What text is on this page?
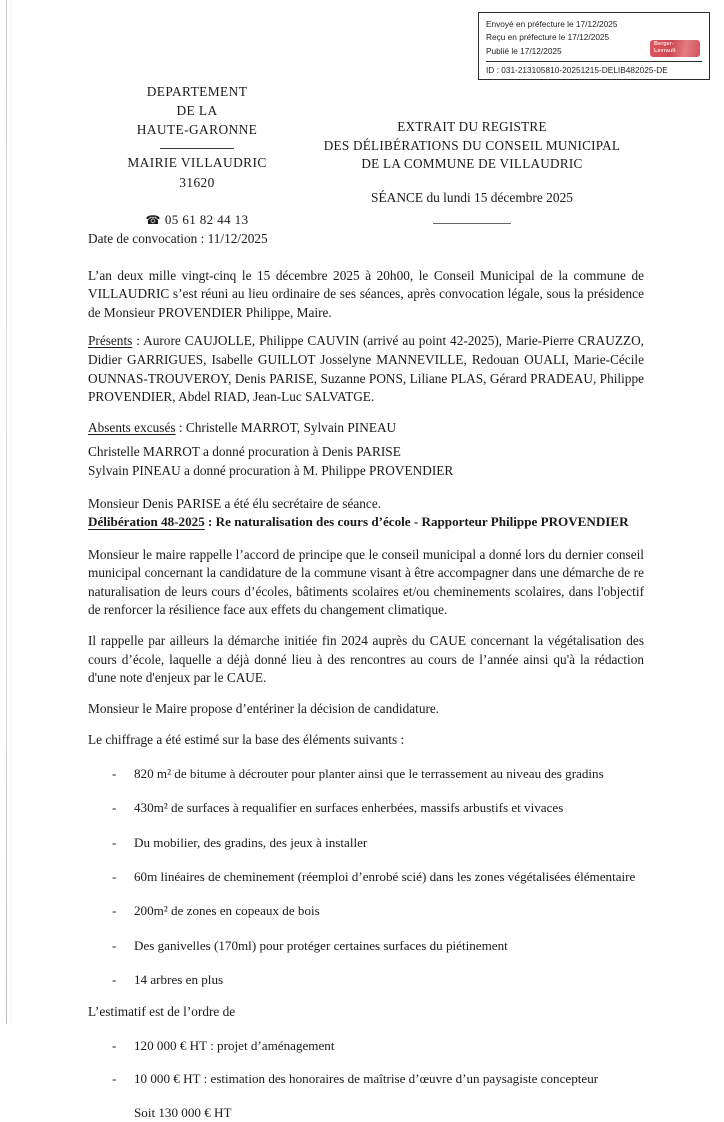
Envoyé en préfecture le 17/12/2025
Reçu en préfecture le 17/12/2025
Publié le 17/12/2025
ID : 031-213105810-20251215-DELIB482025-DE
Berger-
Levrault
DEPARTEMENT
DE LA
HAUTE-GARONNE
MAIRIE VILLAUDRIC
31620
☎ 05 61 82 44 13
EXTRAIT DU REGISTRE
DES DÉLIBÉRATIONS DU CONSEIL MUNICIPAL
DE LA COMMUNE DE VILLAUDRIC
SÉANCE du lundi 15 décembre 2025

Date de convocation : 11/12/2025

L’an deux mille vingt-cinq le 15 décembre 2025 à 20h00, le Conseil Municipal de la commune de VILLAUDRIC s’est réuni au lieu ordinaire de ses séances, après convocation légale, sous la présidence de Monsieur PROVENDIER Philippe, Maire.

Présents : Aurore CAUJOLLE, Philippe CAUVIN (arrivé au point 42-2025), Marie-Pierre CRAUZZO, Didier GARRIGUES, Isabelle GUILLOT Josselyne MANNEVILLE, Redouan OUALI, Marie-Cécile OUNNAS-TROUVEROY, Denis PARISE, Suzanne PONS, Liliane PLAS, Gérard PRADEAU, Philippe PROVENDIER, Abdel RIAD, Jean-Luc SALVATGE.

Absents excusés : Christelle MARROT, Sylvain PINEAU

Christelle MARROT a donné procuration à Denis PARISE

Sylvain PINEAU a donné procuration à M. Philippe PROVENDIER

Monsieur Denis PARISE a été élu secrétaire de séance.

Délibération 48-2025 : Re naturalisation des cours d’école - Rapporteur Philippe PROVENDIER

Monsieur le maire rappelle l’accord de principe que le conseil municipal a donné lors du dernier conseil municipal concernant la candidature de la commune visant à être accompagner dans une démarche de re naturalisation de leurs cours d’écoles, bâtiments scolaires et/ou cheminements scolaires, dans l'objectif de renforcer la résilience face aux effets du changement climatique.

Il rappelle par ailleurs la démarche initiée fin 2024 auprès du CAUE concernant la végétalisation des cours d’école, laquelle a déjà donné lieu à des rencontres au cours de l’année ainsi qu'à la rédaction d'une note d'enjeux par le CAUE.

Monsieur le Maire propose d’entériner la décision de candidature.

Le chiffrage a été estimé sur la base des éléments suivants :

- 820 m² de bitume à décrouter pour planter ainsi que le terrassement au niveau des gradins
- 430m² de surfaces à requalifier en surfaces enherbées, massifs arbustifs et vivaces
- Du mobilier, des gradins, des jeux à installer
- 60m linéaires de cheminement (réemploi d’enrobé scié) dans les zones végétalisées élémentaire
- 200m² de zones en copeaux de bois
- Des ganivelles (170ml) pour protéger certaines surfaces du piétinement
- 14 arbres en plus

L’estimatif est de l’ordre de

- 120 000 € HT : projet d’aménagement
- 10 000 € HT : estimation des honoraires de maîtrise d’œuvre d’un paysagiste concepteur
Soit 130 000 € HT
